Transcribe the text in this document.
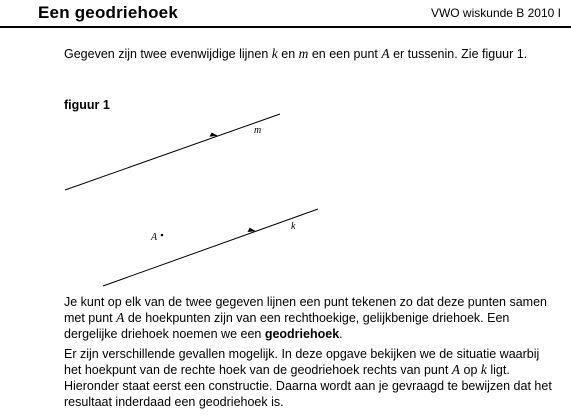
Een geodriehoek	VWO wiskunde B 2010 I
Gegeven zijn twee evenwijdige lijnen k en m en een punt A er tussenin. Zie figuur 1.
figuur 1
m
k
A
Je kunt op elk van de twee gegeven lijnen een punt tekenen zo dat deze punten samen met punt A de hoekpunten zijn van een rechthoekige, gelijkbenige driehoek. Een dergelijke driehoek noemen we een geodriehoek.
Er zijn verschillende gevallen mogelijk. In deze opgave bekijken we de situatie waarbij het hoekpunt van de rechte hoek van de geodriehoek rechts van punt A op k ligt. Hieronder staat eerst een constructie. Daarna wordt aan je gevraagd te bewijzen dat het resultaat inderdaad een geodriehoek is.
